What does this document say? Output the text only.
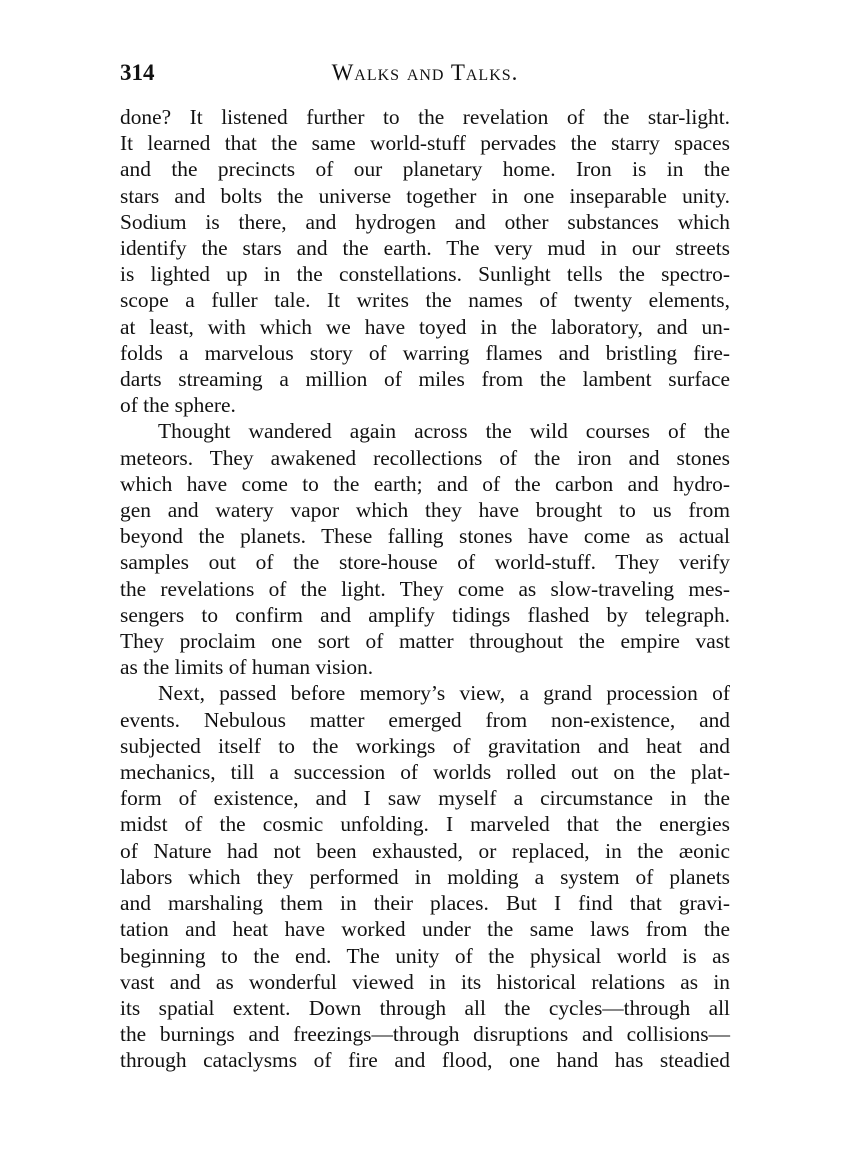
314	Walks and Talks.

done? It listened further to the revelation of the star-light.
It learned that the same world-stuff pervades the starry spaces
and the precincts of our planetary home. Iron is in the
stars and bolts the universe together in one inseparable unity.
Sodium is there, and hydrogen and other substances which
identify the stars and the earth. The very mud in our streets
is lighted up in the constellations. Sunlight tells the spectro-
scope a fuller tale. It writes the names of twenty elements,
at least, with which we have toyed in the laboratory, and un-
folds a marvelous story of warring flames and bristling fire-
darts streaming a million of miles from the lambent surface
of the sphere.

Thought wandered again across the wild courses of the
meteors. They awakened recollections of the iron and stones
which have come to the earth; and of the carbon and hydro-
gen and watery vapor which they have brought to us from
beyond the planets. These falling stones have come as actual
samples out of the store-house of world-stuff. They verify
the revelations of the light. They come as slow-traveling mes-
sengers to confirm and amplify tidings flashed by telegraph.
They proclaim one sort of matter throughout the empire vast
as the limits of human vision.

Next, passed before memory’s view, a grand procession of
events. Nebulous matter emerged from non-existence, and
subjected itself to the workings of gravitation and heat and
mechanics, till a succession of worlds rolled out on the plat-
form of existence, and I saw myself a circumstance in the
midst of the cosmic unfolding. I marveled that the energies
of Nature had not been exhausted, or replaced, in the æonic
labors which they performed in molding a system of planets
and marshaling them in their places. But I find that gravi-
tation and heat have worked under the same laws from the
beginning to the end. The unity of the physical world is as
vast and as wonderful viewed in its historical relations as in
its spatial extent. Down through all the cycles—through all
the burnings and freezings—through disruptions and collisions—
through cataclysms of fire and flood, one hand has steadied
